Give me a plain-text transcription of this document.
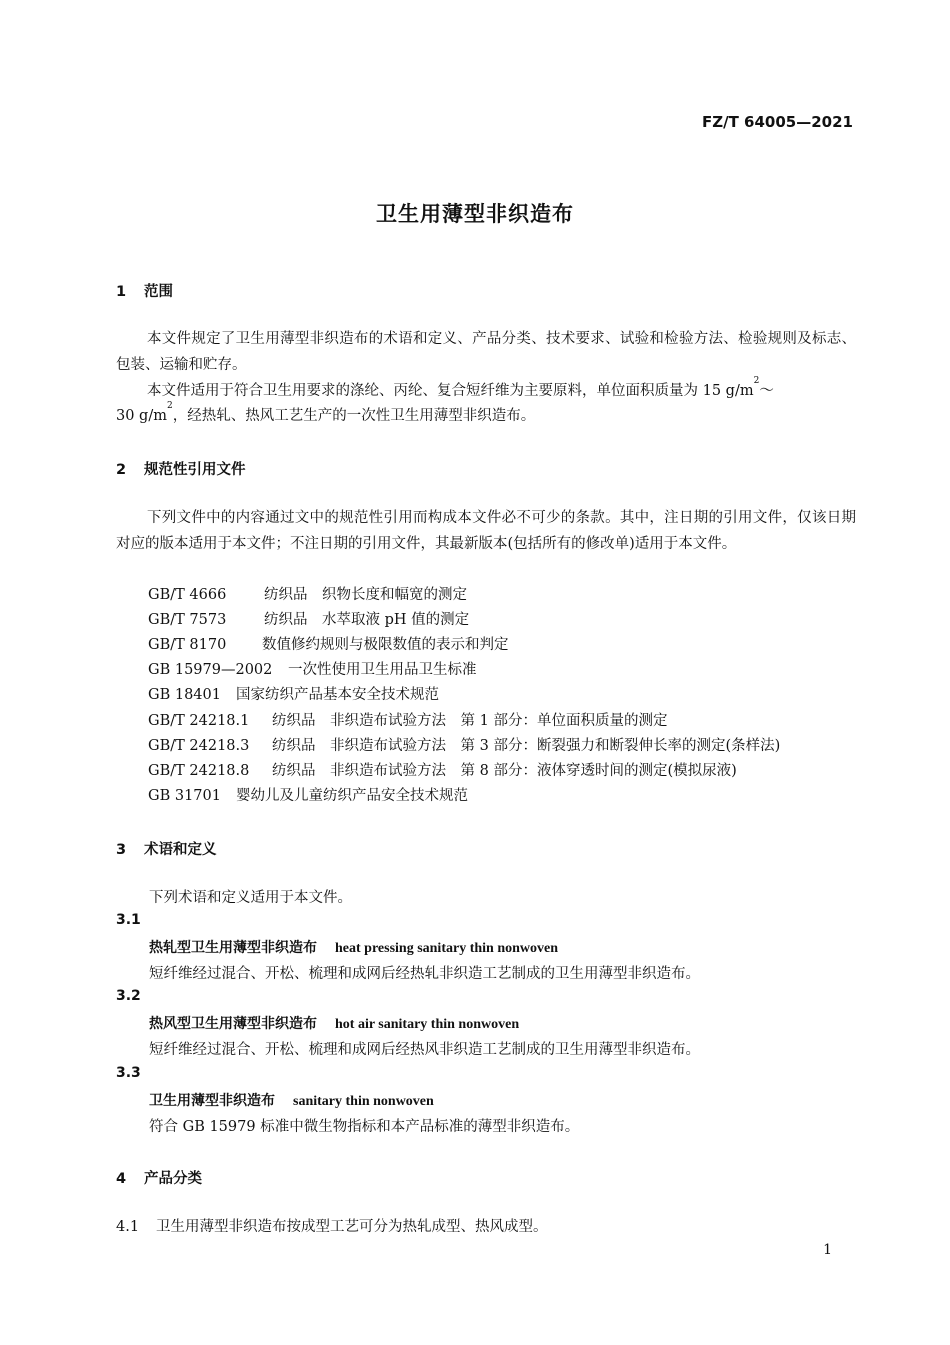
FZ/T 64005—2021
卫生用薄型非织造布
1 范围
本文件规定了卫生用薄型非织造布的术语和定义、产品分类、技术要求、试验和检验方法、检验规则及标志、包装、运输和贮存。
本文件适用于符合卫生用要求的涤纶、丙纶、复合短纤维为主要原料，单位面积质量为 15 $g/m^2\sim$
30 $g/m^2$，经热轧、热风工艺生产的一次性卫生用薄型非织造布。
2 规范性引用文件
下列文件中的内容通过文中的规范性引用而构成本文件必不可少的条款。其中，注日期的引用文件，仅该日期对应的版本适用于本文件；不注日期的引用文件，其最新版本(包括所有的修改单)适用于本文件。
GB/T 4666	纺织品　织物长度和幅宽的测定
GB/T 7573	纺织品　水萃取液 pH 值的测定
GB/T 8170 数值修约规则与极限数值的表示和判定
GB 15979—2002 一次性使用卫生用品卫生标准
GB 18401 国家纺织产品基本安全技术规范
GB/T 24218.1 纺织品　非织造布试验方法　第 1 部分：单位面积质量的测定
GB/T 24218.3 纺织品　非织造布试验方法　第 3 部分：断裂强力和断裂伸长率的测定(条样法)
GB/T 24218.8 纺织品　非织造布试验方法　第 8 部分：液体穿透时间的测定(模拟尿液)
GB 31701 婴幼儿及儿童纺织产品安全技术规范
3 术语和定义
下列术语和定义适用于本文件。
3.1
热轧型卫生用薄型非织造布 heat pressing sanitary thin nonwoven
短纤维经过混合、开松、梳理和成网后经热轧非织造工艺制成的卫生用薄型非织造布。
3.2
热风型卫生用薄型非织造布 hot air sanitary thin nonwoven
短纤维经过混合、开松、梳理和成网后经热风非织造工艺制成的卫生用薄型非织造布。
3.3
卫生用薄型非织造布 sanitary thin nonwoven
符合 GB 15979 标准中微生物指标和本产品标准的薄型非织造布。
4 产品分类
4.1 卫生用薄型非织造布按成型工艺可分为热轧成型、热风成型。
1
